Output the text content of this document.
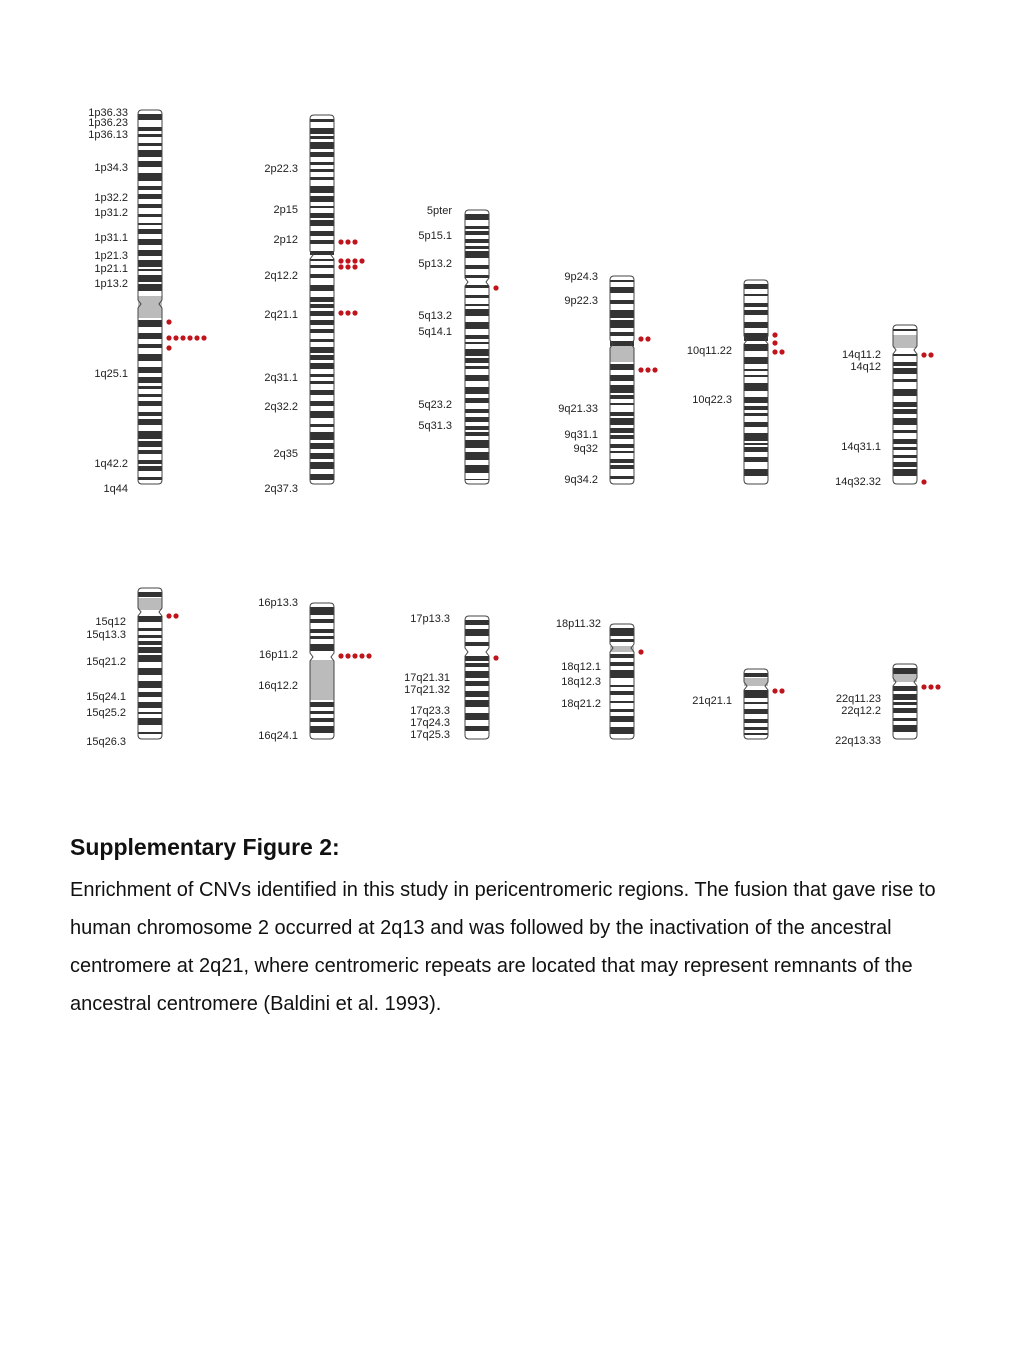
1p36.33
1p36.23
1p36.13
1p34.3
1p32.2
1p31.2
1p31.1
1p21.3
1p21.1
1p13.2
1q25.1
1q42.2
1q44
2p22.3
2p15
2p12
2q12.2
2q21.1
2q31.1
2q32.2
2q35
2q37.3
5pter
5p15.1
5p13.2
5q13.2
5q14.1
5q23.2
5q31.3
9p24.3
9p22.3
9q21.33
9q31.1
9q32
9q34.2
10q11.22
10q22.3
14q11.2
14q12
14q31.1
14q32.32
15q12
15q13.3
15q21.2
15q24.1
15q25.2
15q26.3
16p13.3
16p11.2
16q12.2
16q24.1
17p13.3
17q21.31
17q21.32
17q23.3
17q24.3
17q25.3
18p11.32
18q12.1
18q12.3
18q21.2	21q21.1	22q11.23
22q12.2
22q13.33

Supplementary Figure 2:

Enrichment of CNVs identified in this study in pericentromeric regions. The fusion that gave rise to human chromosome 2 occurred at 2q13 and was followed by the inactivation of the ancestral centromere at 2q21, where centromeric repeats are located that may represent remnants of the ancestral centromere (Baldini et al. 1993).
